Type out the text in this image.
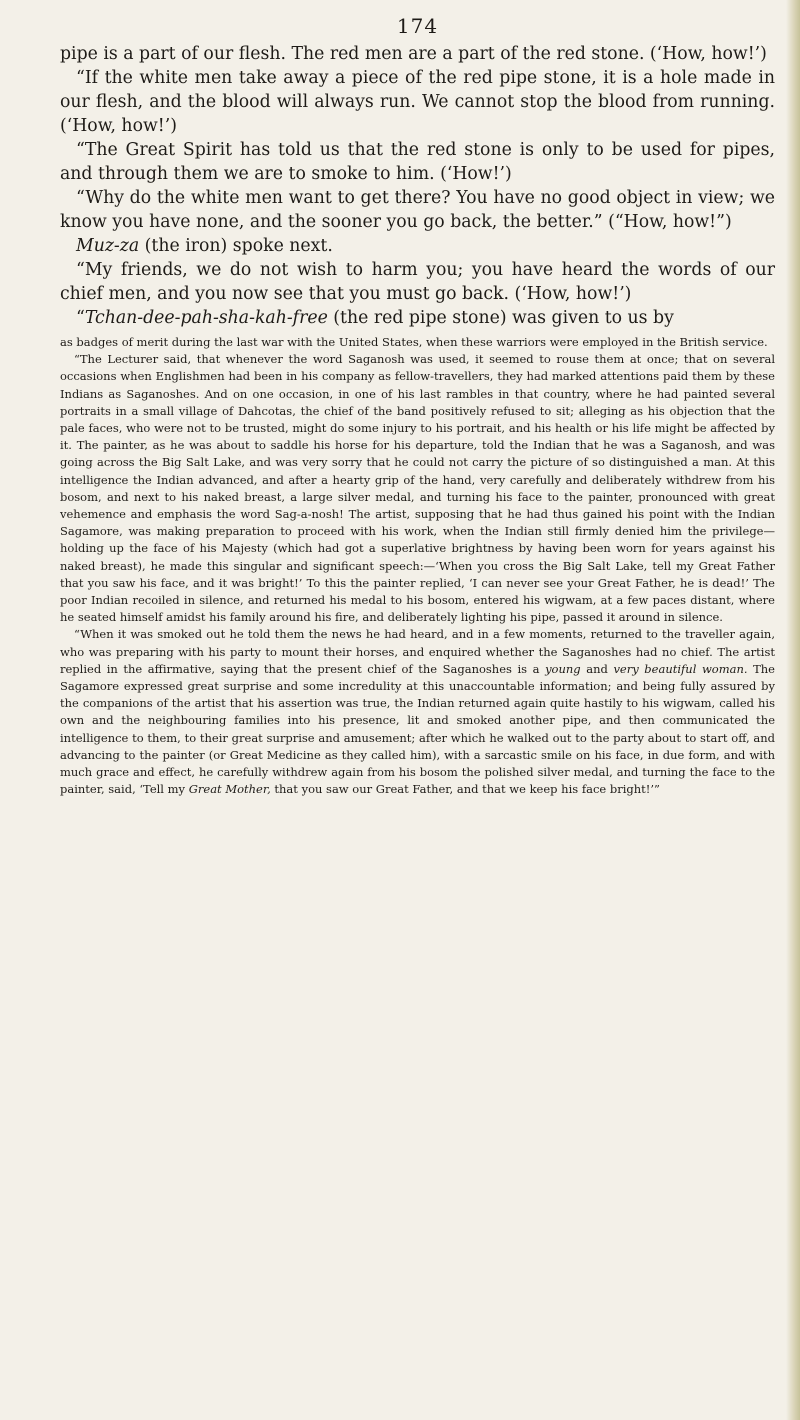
174

pipe is a part of our flesh. The red men are a part of the red stone. (‘How, how!’)

“If the white men take away a piece of the red pipe stone, it is a hole made in our flesh, and the blood will always run. We cannot stop the blood from running. (‘How, how!’)

“The Great Spirit has told us that the red stone is only to be used for pipes, and through them we are to smoke to him. (‘How!’)

“Why do the white men want to get there? You have no good object in view; we know you have none, and the sooner you go back, the better.” (“How, how!”)

Muz-za (the iron) spoke next.

“My friends, we do not wish to harm you; you have heard the words of our chief men, and you now see that you must go back. (‘How, how!’)

“Tchan-dee-pah-sha-kah-free (the red pipe stone) was given to us by

as badges of merit during the last war with the United States, when these warriors were employed in the British service.

“The Lecturer said, that whenever the word Saganosh was used, it seemed to rouse them at once; that on several occasions when Englishmen had been in his company as fellow-travellers, they had marked attentions paid them by these Indians as Saganoshes. And on one occasion, in one of his last rambles in that country, where he had painted several portraits in a small village of Dahcotas, the chief of the band positively refused to sit; alleging as his objection that the pale faces, who were not to be trusted, might do some injury to his portrait, and his health or his life might be affected by it. The painter, as he was about to saddle his horse for his departure, told the Indian that he was a Saganosh, and was going across the Big Salt Lake, and was very sorry that he could not carry the picture of so distinguished a man. At this intelligence the Indian advanced, and after a hearty grip of the hand, very carefully and deliberately withdrew from his bosom, and next to his naked breast, a large silver medal, and turning his face to the painter, pronounced with great vehemence and emphasis the word Sag-a-nosh! The artist, supposing that he had thus gained his point with the Indian Sagamore, was making preparation to proceed with his work, when the Indian still firmly denied him the privilege—holding up the face of his Majesty (which had got a superlative brightness by having been worn for years against his naked breast), he made this singular and significant speech:—‘When you cross the Big Salt Lake, tell my Great Father that you saw his face, and it was bright!’ To this the painter replied, ‘I can never see your Great Father, he is dead!’ The poor Indian recoiled in silence, and returned his medal to his bosom, entered his wigwam, at a few paces distant, where he seated himself amidst his family around his fire, and deliberately lighting his pipe, passed it around in silence.

“When it was smoked out he told them the news he had heard, and in a few moments, returned to the traveller again, who was preparing with his party to mount their horses, and enquired whether the Saganoshes had no chief. The artist replied in the affirmative, saying that the present chief of the Saganoshes is a young and very beautiful woman. The Sagamore expressed great surprise and some incredulity at this unaccountable information; and being fully assured by the companions of the artist that his assertion was true, the Indian returned again quite hastily to his wigwam, called his own and the neighbouring families into his presence, lit and smoked another pipe, and then communicated the intelligence to them, to their great surprise and amusement; after which he walked out to the party about to start off, and advancing to the painter (or Great Medicine as they called him), with a sarcastic smile on his face, in due form, and with much grace and effect, he carefully withdrew again from his bosom the polished silver medal, and turning the face to the painter, said, ‘Tell my Great Mother, that you saw our Great Father, and that we keep his face bright!’”
